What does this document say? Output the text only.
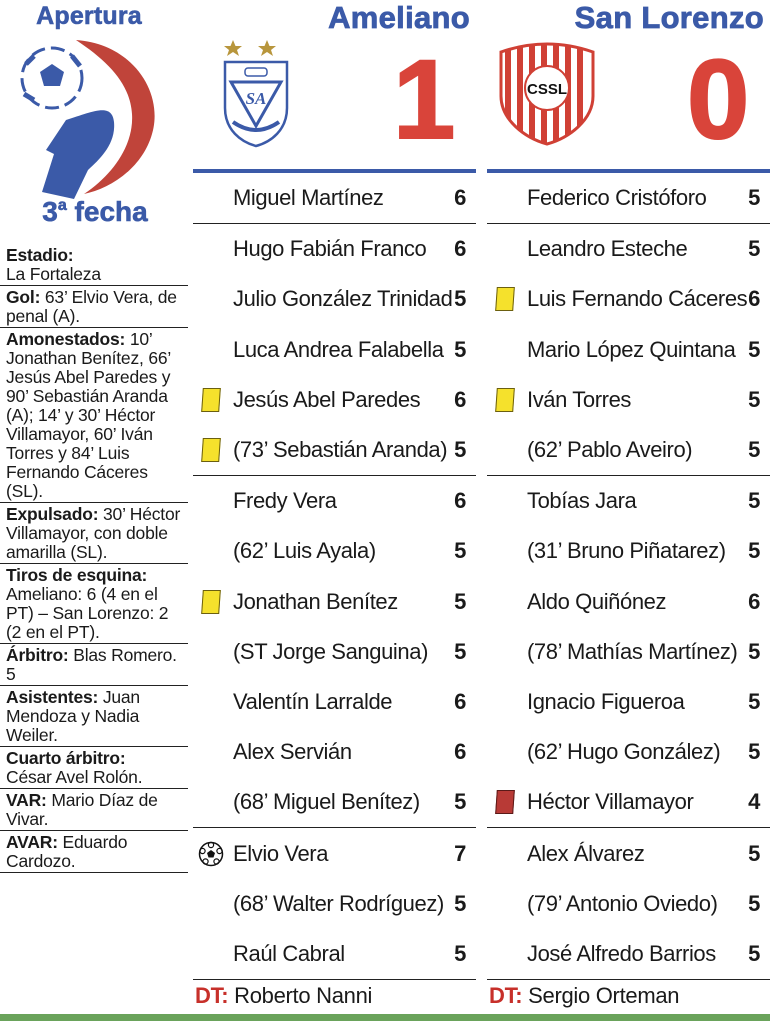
Apertura
3$^a$ fecha
Estadio:
La Fortaleza
Gol: 63’ Elvio Vera, de penal (A).
Amonestados: 10’ Jonathan Benítez, 66’ Jesús Abel Paredes y 90’ Sebastián Aranda (A); 14’ y 30’ Héctor Villamayor, 60’ Iván Torres y 84’ Luis Fernando Cáceres (SL).
Expulsado: 30’ Héctor Villamayor, con doble amarilla (SL).
Tiros de esquina:
Ameliano: 6 (4 en el PT) – San Lorenzo: 2 (2 en el PT).
Árbitro: Blas Romero. 5
Asistentes: Juan Mendoza y Nadia Weiler.
Cuarto árbitro:
César Avel Rolón.
VAR: Mario Díaz de Vivar.
AVAR: Eduardo Cardozo.
Ameliano
SA 1
Miguel Martínez	6
Hugo Fabián Franco 6
Julio González Trinidad 5
Luca Andrea Falabella 5
Jesús Abel Paredes 6
(73’ Sebastián Aranda) 5
Fredy Vera	6
(62’ Luis Ayala)	5
Jonathan Benítez	5
(ST Jorge Sanguina) 5
Valentín Larralde	6
Alex Servián	6
(68’ Miguel Benítez) 5
Elvio Vera	7
(68’ Walter Rodríguez) 5
Raúl Cabral	5
DT: Roberto Nanni
San Lorenzo
CSSL 0
Federico Cristóforo 5
Leandro Esteche	5
Luis Fernando Cáceres 6
Mario López Quintana 5
Iván Torres	5
(62’ Pablo Aveiro)	5
Tobías Jara	5
(31’ Bruno Piñatarez) 5
Aldo Quiñónez	6
(78’ Mathías Martínez) 5
Ignacio Figueroa	5
(62’ Hugo González) 5
Héctor Villamayor 4
Alex Álvarez	5
(79’ Antonio Oviedo) 5
José Alfredo Barrios 5
DT: Sergio Orteman
